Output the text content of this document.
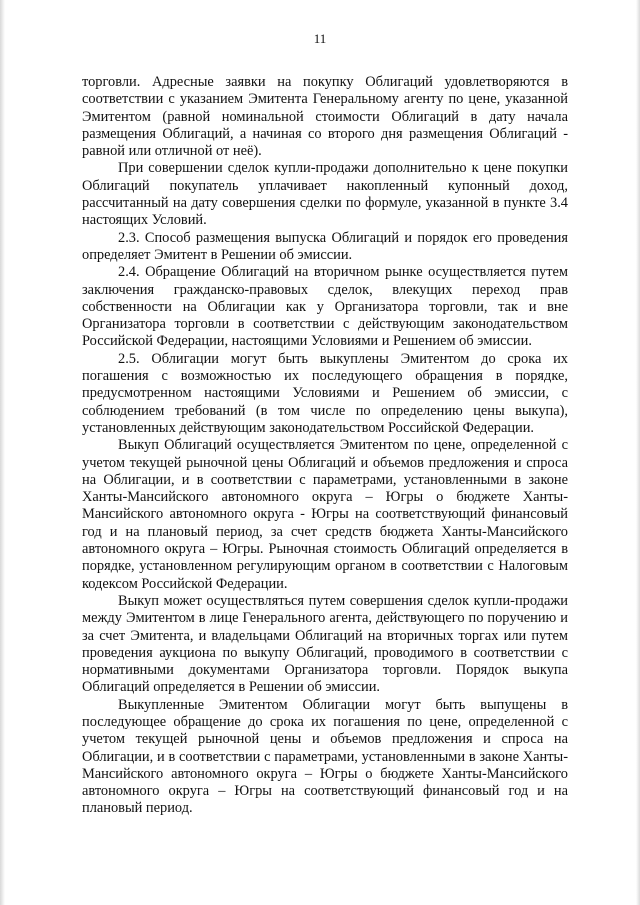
11

торговли. Адресные заявки на покупку Облигаций удовлетворяются в соответствии с указанием Эмитента Генеральному агенту по цене, указанной Эмитентом (равной номинальной стоимости Облигаций в дату начала размещения Облигаций, а начиная со второго дня размещения Облигаций - равной или отличной от неё).

При совершении сделок купли-продажи дополнительно к цене покупки Облигаций покупатель уплачивает накопленный купонный доход, рассчитанный на дату совершения сделки по формуле, указанной в пункте 3.4 настоящих Условий.

2.3. Способ размещения выпуска Облигаций и порядок его проведения определяет Эмитент в Решении об эмиссии.

2.4. Обращение Облигаций на вторичном рынке осуществляется путем заключения гражданско-правовых сделок, влекущих переход прав собственности на Облигации как у Организатора торговли, так и вне Организатора торговли в соответствии с действующим законодательством Российской Федерации, настоящими Условиями и Решением об эмиссии.

2.5. Облигации могут быть выкуплены Эмитентом до срока их погашения с возможностью их последующего обращения в порядке, предусмотренном настоящими Условиями и Решением об эмиссии, с соблюдением требований (в том числе по определению цены выкупа), установленных действующим законодательством Российской Федерации.

Выкуп Облигаций осуществляется Эмитентом по цене, определенной с учетом текущей рыночной цены Облигаций и объемов предложения и спроса на Облигации, и в соответствии с параметрами, установленными в законе Ханты-Мансийского автономного округа – Югры о бюджете Ханты-Мансийского автономного округа - Югры на соответствующий финансовый год и на плановый период, за счет средств бюджета Ханты-Мансийского автономного округа – Югры. Рыночная стоимость Облигаций определяется в порядке, установленном регулирующим органом в соответствии с Налоговым кодексом Российской Федерации.

Выкуп может осуществляться путем совершения сделок купли-продажи между Эмитентом в лице Генерального агента, действующего по поручению и за счет Эмитента, и владельцами Облигаций на вторичных торгах или путем проведения аукциона по выкупу Облигаций, проводимого в соответствии с нормативными документами Организатора торговли. Порядок выкупа Облигаций определяется в Решении об эмиссии.

Выкупленные Эмитентом Облигации могут быть выпущены в последующее обращение до срока их погашения по цене, определенной с учетом текущей рыночной цены и объемов предложения и спроса на Облигации, и в соответствии с параметрами, установленными в законе Ханты-Мансийского автономного округа – Югры о бюджете Ханты-Мансийского автономного округа – Югры на соответствующий финансовый год и на плановый период.
